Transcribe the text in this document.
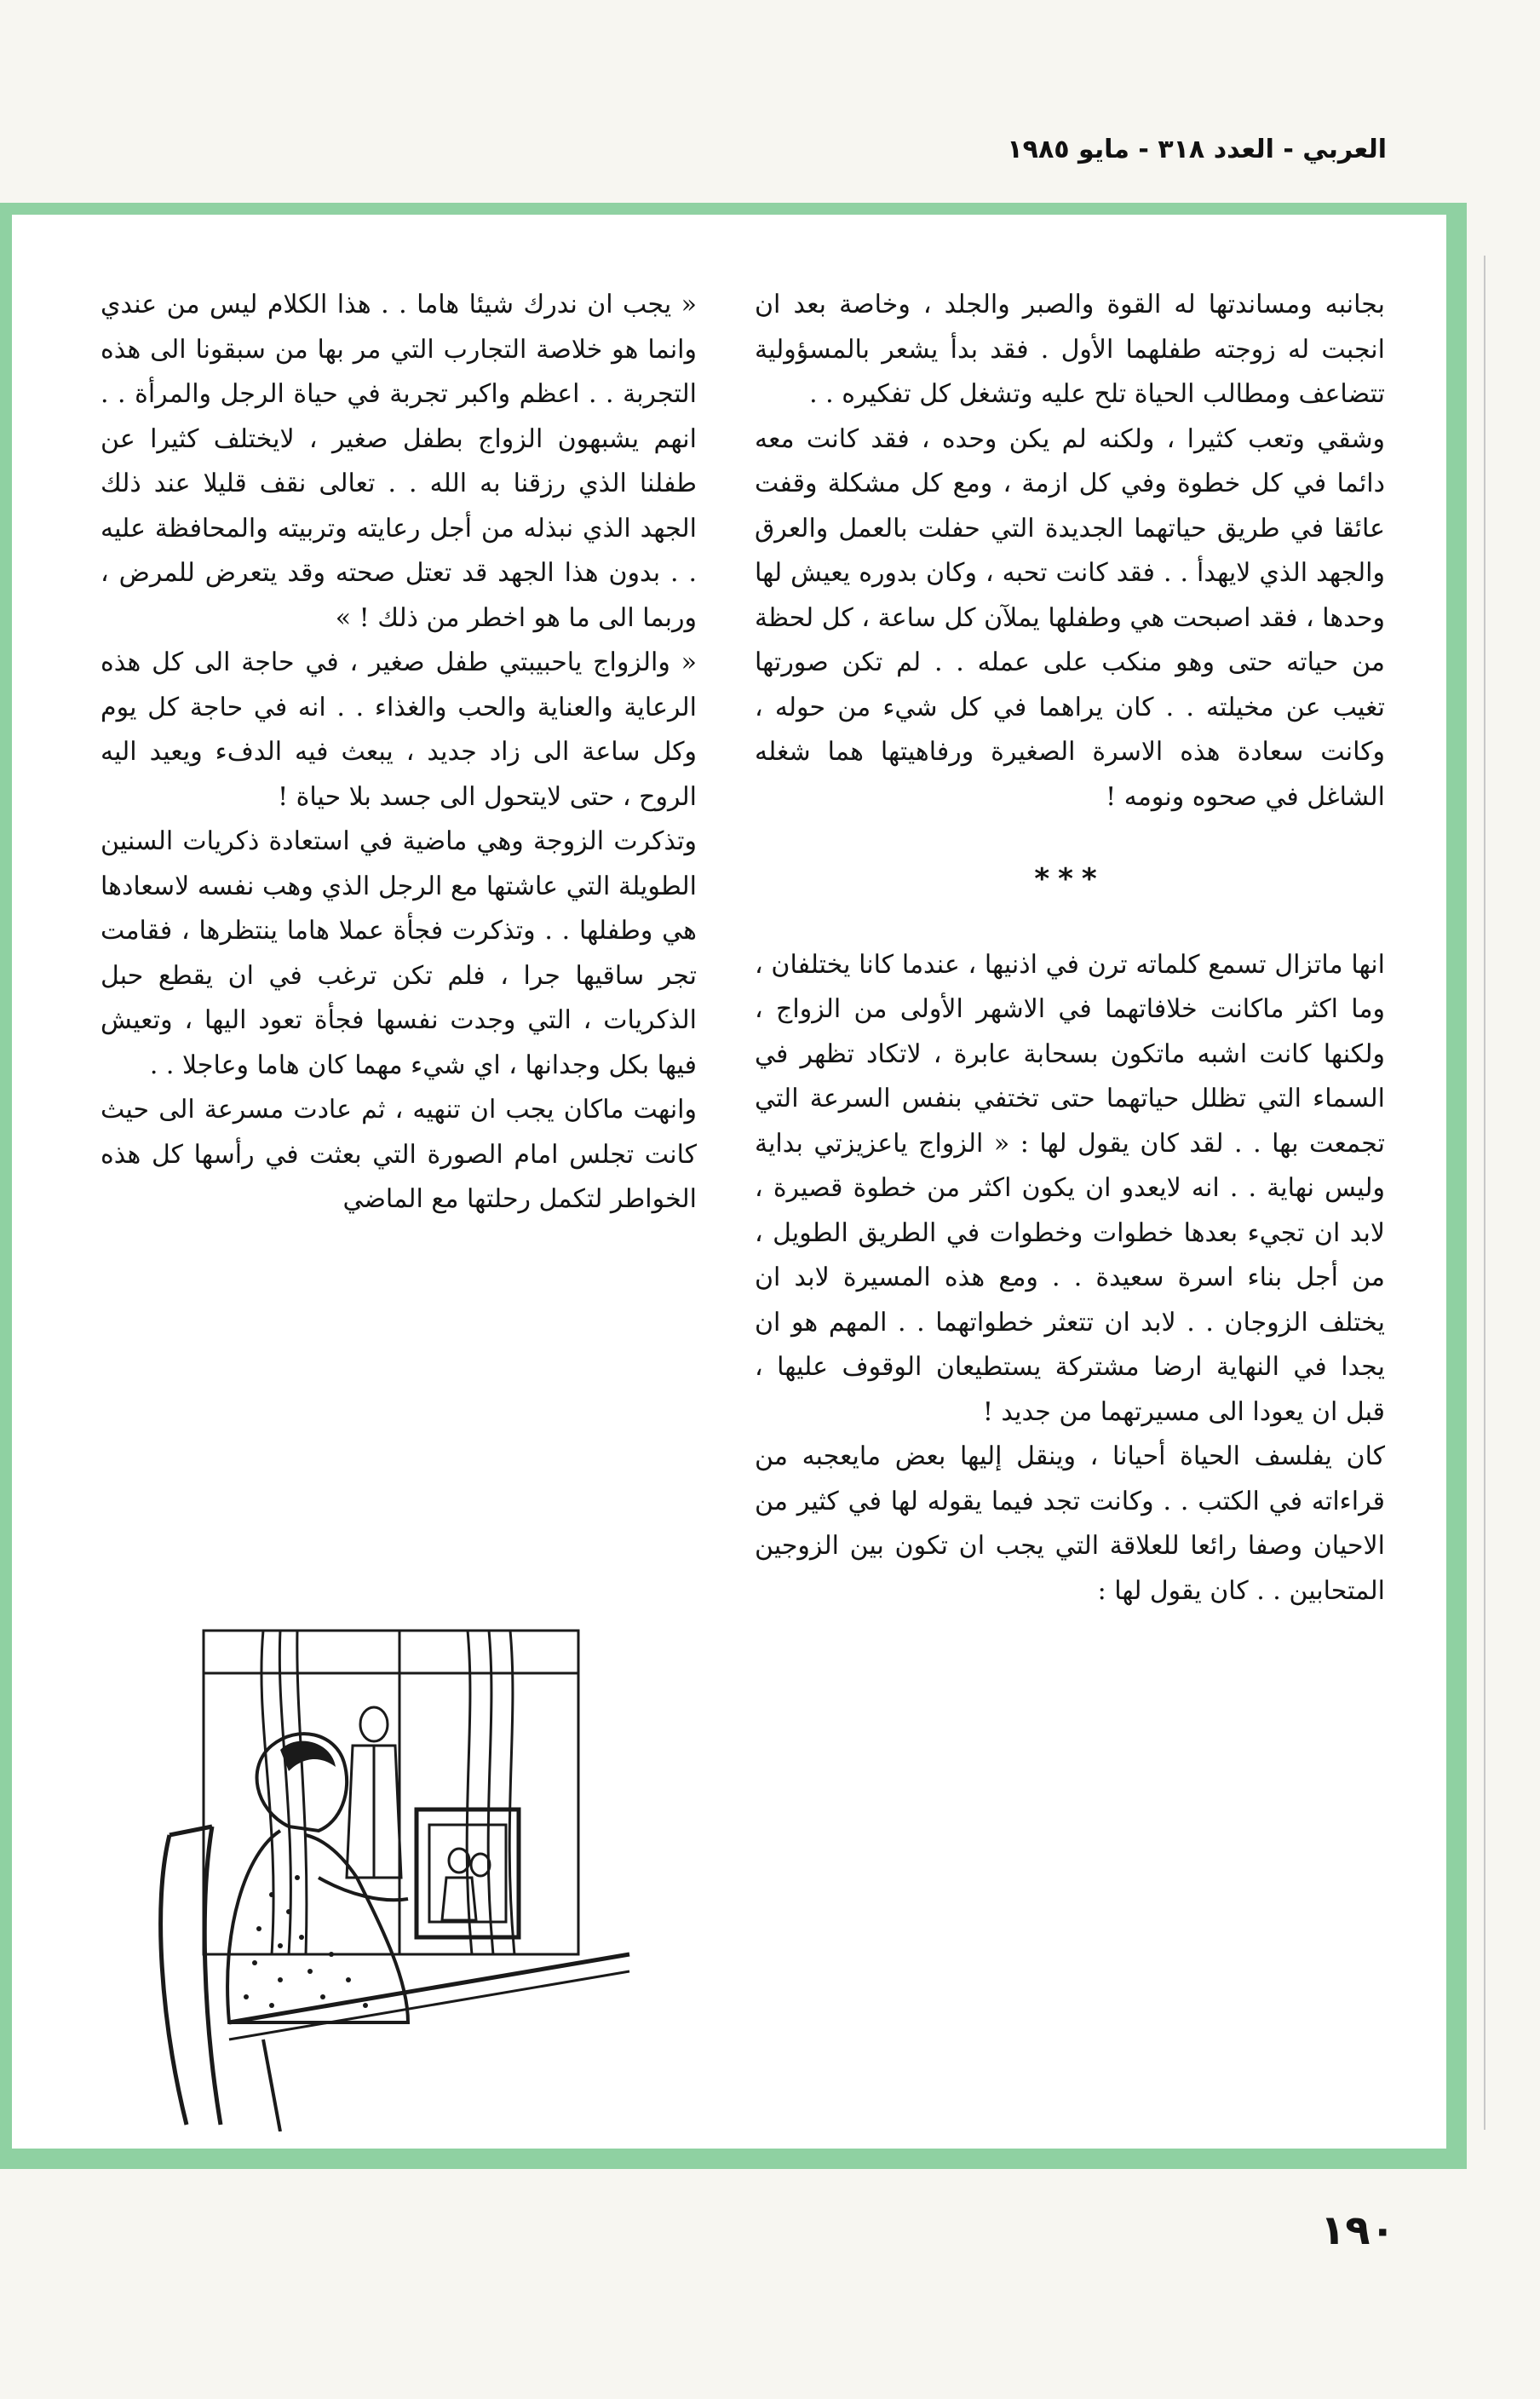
العربي - العدد ٣١٨ - مايو ١٩٨٥

بجانبه ومساندتها له القوة والصبر والجلد ، وخاصة بعد ان انجبت له زوجته طفلهما الأول . فقد بدأ يشعر بالمسؤولية تتضاعف ومطالب الحياة تلح عليه وتشغل كل تفكيره . .

وشقي وتعب كثيرا ، ولكنه لم يكن وحده ، فقد كانت معه دائما في كل خطوة وفي كل ازمة ، ومع كل مشكلة وقفت عائقا في طريق حياتهما الجديدة التي حفلت بالعمل والعرق والجهد الذي لايهدأ . . فقد كانت تحبه ، وكان بدوره يعيش لها وحدها ، فقد اصبحت هي وطفلها يملآن كل ساعة ، كل لحظة من حياته حتى وهو منكب على عمله . . لم تكن صورتها تغيب عن مخيلته . . كان يراهما في كل شيء من حوله ، وكانت سعادة هذه الاسرة الصغيرة ورفاهيتها هما شغله الشاغل في صحوه ونومه !

***

انها ماتزال تسمع كلماته ترن في اذنيها ، عندما كانا يختلفان ، وما اكثر ماكانت خلافاتهما في الاشهر الأولى من الزواج ، ولكنها كانت اشبه ماتكون بسحابة عابرة ، لاتكاد تظهر في السماء التي تظلل حياتهما حتى تختفي بنفس السرعة التي تجمعت بها . . لقد كان يقول لها : « الزواج ياعزيزتي بداية وليس نهاية . . انه لايعدو ان يكون اكثر من خطوة قصيرة ، لابد ان تجيء بعدها خطوات وخطوات في الطريق الطويل ، من أجل بناء اسرة سعيدة . . ومع هذه المسيرة لابد ان يختلف الزوجان . . لابد ان تتعثر خطواتهما . . المهم هو ان يجدا في النهاية ارضا مشتركة يستطيعان الوقوف عليها ، قبل ان يعودا الى مسيرتهما من جديد !

كان يفلسف الحياة أحيانا ، وينقل إليها بعض مايعجبه من قراءاته في الكتب . . وكانت تجد فيما يقوله لها في كثير من الاحيان وصفا رائعا للعلاقة التي يجب ان تكون بين الزوجين المتحابين . . كان يقول لها :

« يجب ان ندرك شيئا هاما . . هذا الكلام ليس من عندي وانما هو خلاصة التجارب التي مر بها من سبقونا الى هذه التجربة . . اعظم واكبر تجربة في حياة الرجل والمرأة . . انهم يشبهون الزواج بطفل صغير ، لايختلف كثيرا عن طفلنا الذي رزقنا به الله . . تعالى نقف قليلا عند ذلك الجهد الذي نبذله من أجل رعايته وتربيته والمحافظة عليه . . بدون هذا الجهد قد تعتل صحته وقد يتعرض للمرض ، وربما الى ما هو اخطر من ذلك ! »

« والزواج ياحبيبتي طفل صغير ، في حاجة الى كل هذه الرعاية والعناية والحب والغذاء . . انه في حاجة كل يوم وكل ساعة الى زاد جديد ، يبعث فيه الدفء ويعيد اليه الروح ، حتى لايتحول الى جسد بلا حياة !

وتذكرت الزوجة وهي ماضية في استعادة ذكريات السنين الطويلة التي عاشتها مع الرجل الذي وهب نفسه لاسعادها هي وطفلها . . وتذكرت فجأة عملا هاما ينتظرها ، فقامت تجر ساقيها جرا ، فلم تكن ترغب في ان يقطع حبل الذكريات ، التي وجدت نفسها فجأة تعود اليها ، وتعيش فيها بكل وجدانها ، اي شيء مهما كان هاما وعاجلا . .

وانهت ماكان يجب ان تنهيه ، ثم عادت مسرعة الى حيث كانت تجلس امام الصورة التي بعثت في رأسها كل هذه الخواطر لتكمل رحلتها مع الماضي

١٩٠
